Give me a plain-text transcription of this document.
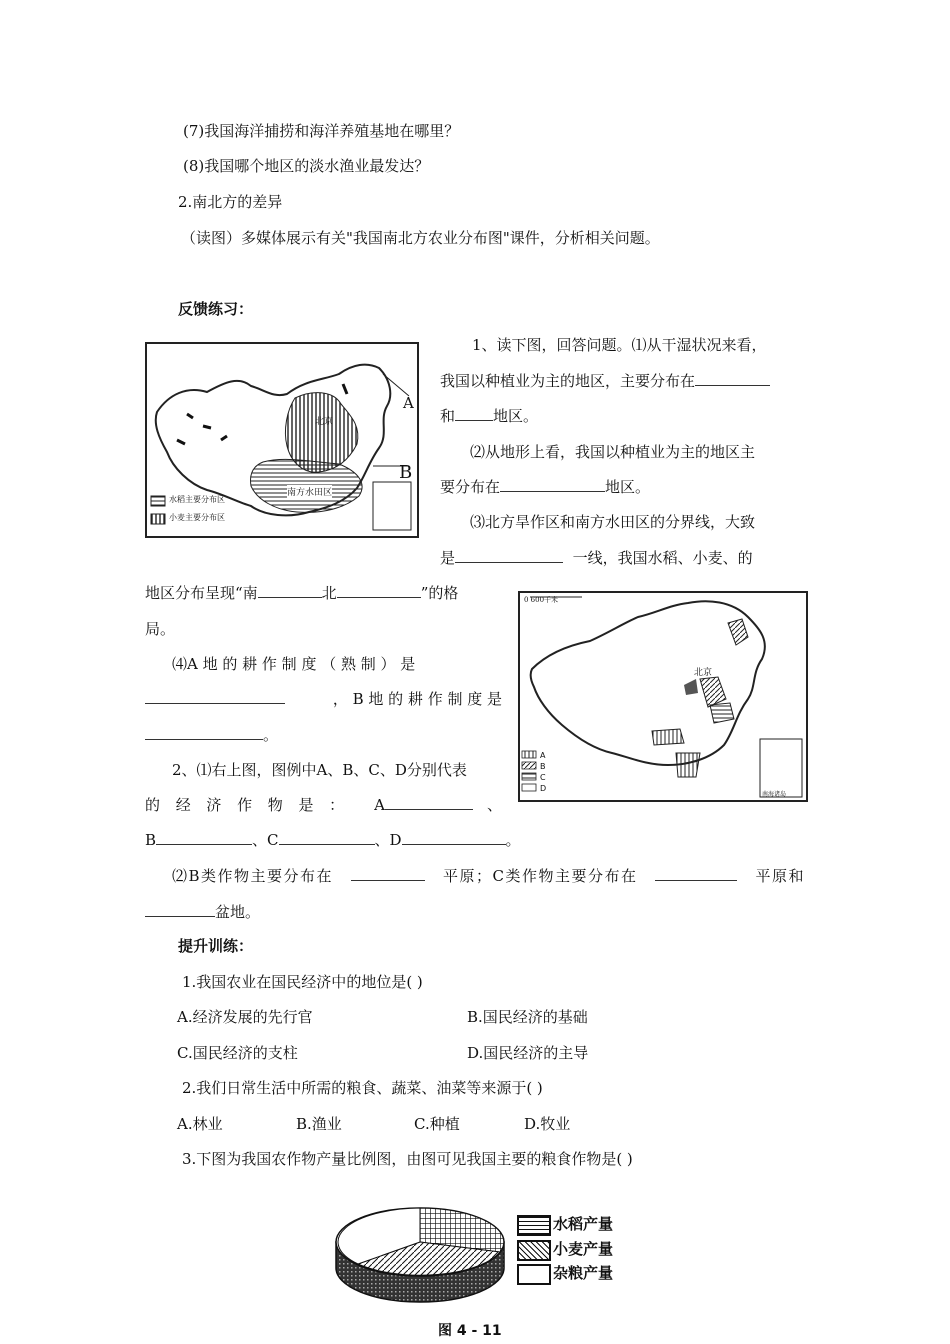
(7)我国海洋捕捞和海洋养殖基地在哪里？
(8)我国哪个地区的淡水渔业最发达？
2.南北方的差异
（读图）多媒体展示有关"我国南北方农业分布图"课件，分析相关问题。
反馈练习：
水稻主要分布区
小麦主要分布区
北京
南方水田区
A
B
1、读下图，回答问题。⑴从干湿状况来看，
我国以种植业为主的地区，主要分布在
和	地区。
⑵从地形上看，我国以种植业为主的地区主
要分布在	地区。
⑶北方旱作区和南方水田区的分界线，大致
是	一线，我国水稻、小麦、的
地区分布呈现“南	北	”的格
局。
⑷A 地 的 耕 作 制 度 （ 熟 制 ） 是
， B 地 的 耕 作 制 度 是
。
0 600千米
北京
A
B
C
D
南海诸岛
2、⑴右上图，图例中A、B、C、D分别代表
的 经 济 作 物 是 ： A	、
B	、C	、D	。
⑵B类作物主要分布在	平原；C类作物主要分布在	平原和
盆地。
提升训练：
1.我国农业在国民经济中的地位是( )
A.经济发展的先行官	B.国民经济的基础
C.国民经济的支柱	D.国民经济的主导
2.我们日常生活中所需的粮食、蔬菜、油菜等来源于( )
A.林业	B.渔业	C.种植	D.牧业
3.下图为我国农作物产量比例图，由图可见我国主要的粮食作物是( )
水稻产量
小麦产量
杂粮产量
图 4 - 11
